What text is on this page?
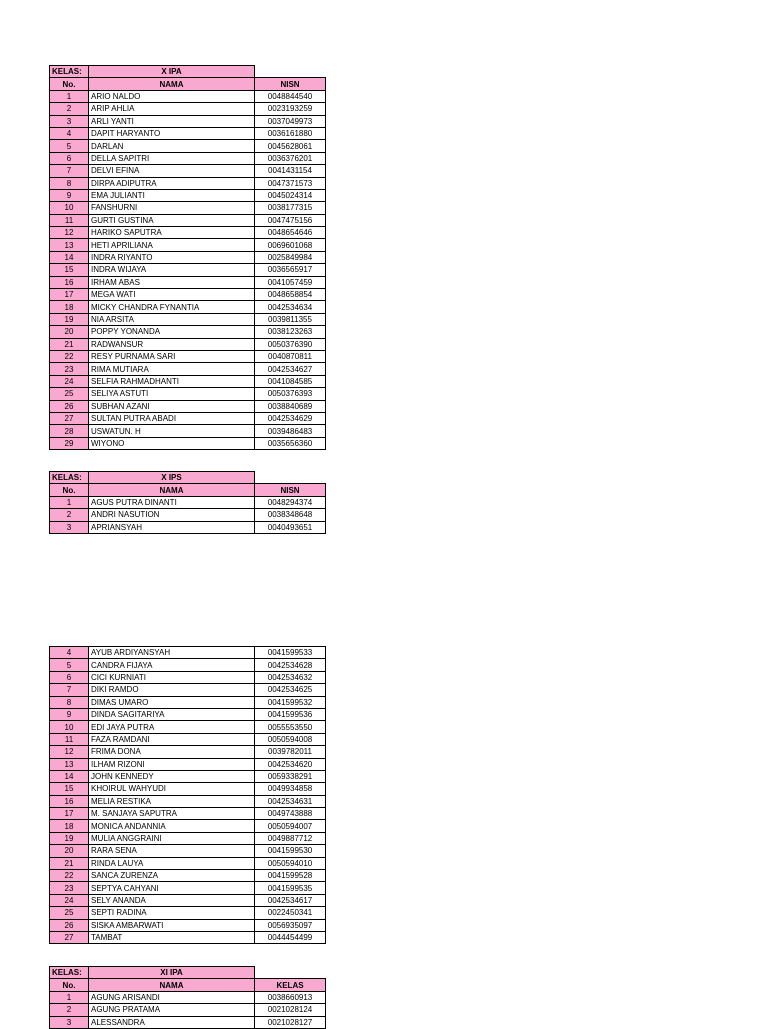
KELAS:	X IPA	
No.	NAMA	NISN
1	ARIO NALDO	0048844540
2	ARIP AHLIA	0023193259
3	ARLI YANTI	0037049973
4	DAPIT HARYANTO	0036161880
5	DARLAN	0045628061
6	DELLA SAPITRI	0036376201
7	DELVI EFINA	0041431154
8	DIRPA ADIPUTRA	0047371573
9	EMA JULIANTI	0045024314
10	FANSHURNI	0038177315
11	GURTI GUSTINA	0047475156
12	HARIKO SAPUTRA	0048654646
13	HETI APRILIANA	0069601068
14	INDRA RIYANTO	0025849984
15	INDRA WIJAYA	0036565917
16	IRHAM ABAS	0041057459
17	MEGA WATI	0048658854
18	MICKY CHANDRA FYNANTIA	0042534634
19	NIA ARSITA	0039811355
20	POPPY YONANDA	0038123263
21	RADWANSUR	0050376390
22	RESY PURNAMA SARI	0040870811
23	RIMA MUTIARA	0042534627
24	SELFIA RAHMADHANTI	0041084585
25	SELIYA ASTUTI	0050376393
26	SUBHAN AZANI	0038840689
27	SULTAN PUTRA ABADI	0042534629
28	USWATUN. H	0039486483
29	WIYONO	0035656360
KELAS:	X IPS	
No.	NAMA	NISN
1	AGUS PUTRA DINANTI	0048294374
2	ANDRI NASUTION	0038348648
3	APRIANSYAH	0040493651
4	AYUB ARDIYANSYAH	0041599533
5	CANDRA FIJAYA	0042534628
6	CICI KURNIATI	0042534632
7	DIKI RAMDO	0042534625
8	DIMAS UMARO	0041599532
9	DINDA SAGITARIYA	0041599536
10	EDI JAYA PUTRA	0055553550
11	FAZA RAMDANI	0050594008
12	FRIMA DONA	0039782011
13	ILHAM RIZONI	0042534620
14	JOHN KENNEDY	0059338291
15	KHOIRUL WAHYUDI	0049934858
16	MELIA RESTIKA	0042534631
17	M. SANJAYA SAPUTRA	0049743888
18	MONICA ANDANNIA	0050594007
19	MULIA ANGGRAINI	0049887712
20	RARA SENA	0041599530
21	RINDA LAUYA	0050594010
22	SANCA ZURENZA	0041599528
23	SEPTYA CAHYANI	0041599535
24	SELY ANANDA	0042534617
25	SEPTI RADINA	0022450341
26	SISKA AMBARWATI	0056935097
27	TAMBAT	0044454499
KELAS:	XI IPA	
No.	NAMA	KELAS
1	AGUNG ARISANDI	0038660913
2	AGUNG PRATAMA	0021028124
3	ALESSANDRA	0021028127
